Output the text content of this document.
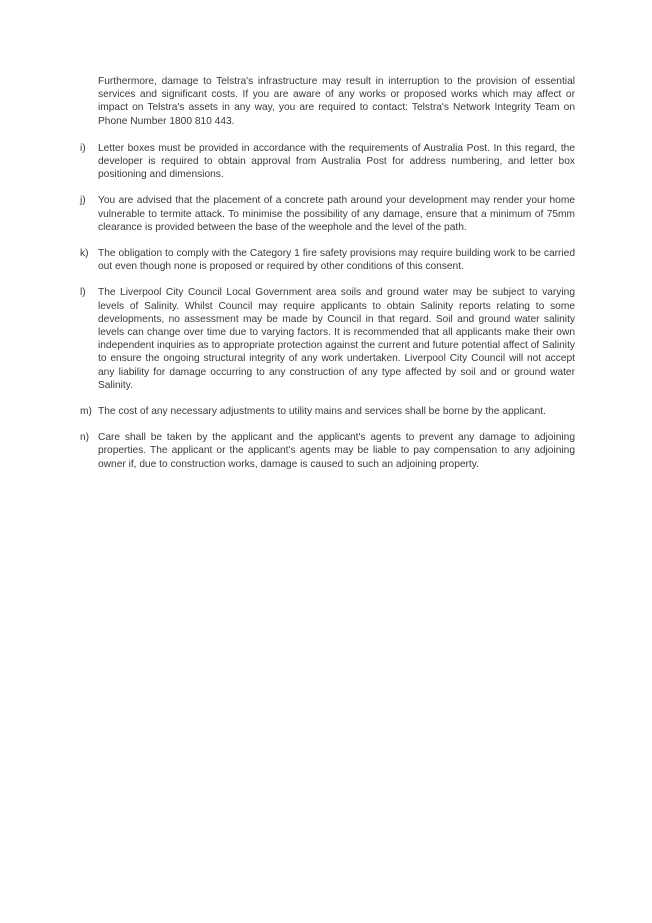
Furthermore, damage to Telstra's infrastructure may result in interruption to the provision of essential services and significant costs. If you are aware of any works or proposed works which may affect or impact on Telstra's assets in any way, you are required to contact: Telstra's Network Integrity Team on Phone Number 1800 810 443.

i) Letter boxes must be provided in accordance with the requirements of Australia Post. In this regard, the developer is required to obtain approval from Australia Post for address numbering, and letter box positioning and dimensions.
j) You are advised that the placement of a concrete path around your development may render your home vulnerable to termite attack. To minimise the possibility of any damage, ensure that a minimum of 75mm clearance is provided between the base of the weephole and the level of the path.
k) The obligation to comply with the Category 1 fire safety provisions may require building work to be carried out even though none is proposed or required by other conditions of this consent.
l) The Liverpool City Council Local Government area soils and ground water may be subject to varying levels of Salinity. Whilst Council may require applicants to obtain Salinity reports relating to some developments, no assessment may be made by Council in that regard. Soil and ground water salinity levels can change over time due to varying factors. It is recommended that all applicants make their own independent inquiries as to appropriate protection against the current and future potential affect of Salinity to ensure the ongoing structural integrity of any work undertaken. Liverpool City Council will not accept any liability for damage occurring to any construction of any type affected by soil and or ground water Salinity.
m) The cost of any necessary adjustments to utility mains and services shall be borne by the applicant.
n) Care shall be taken by the applicant and the applicant's agents to prevent any damage to adjoining properties. The applicant or the applicant's agents may be liable to pay compensation to any adjoining owner if, due to construction works, damage is caused to such an adjoining property.
